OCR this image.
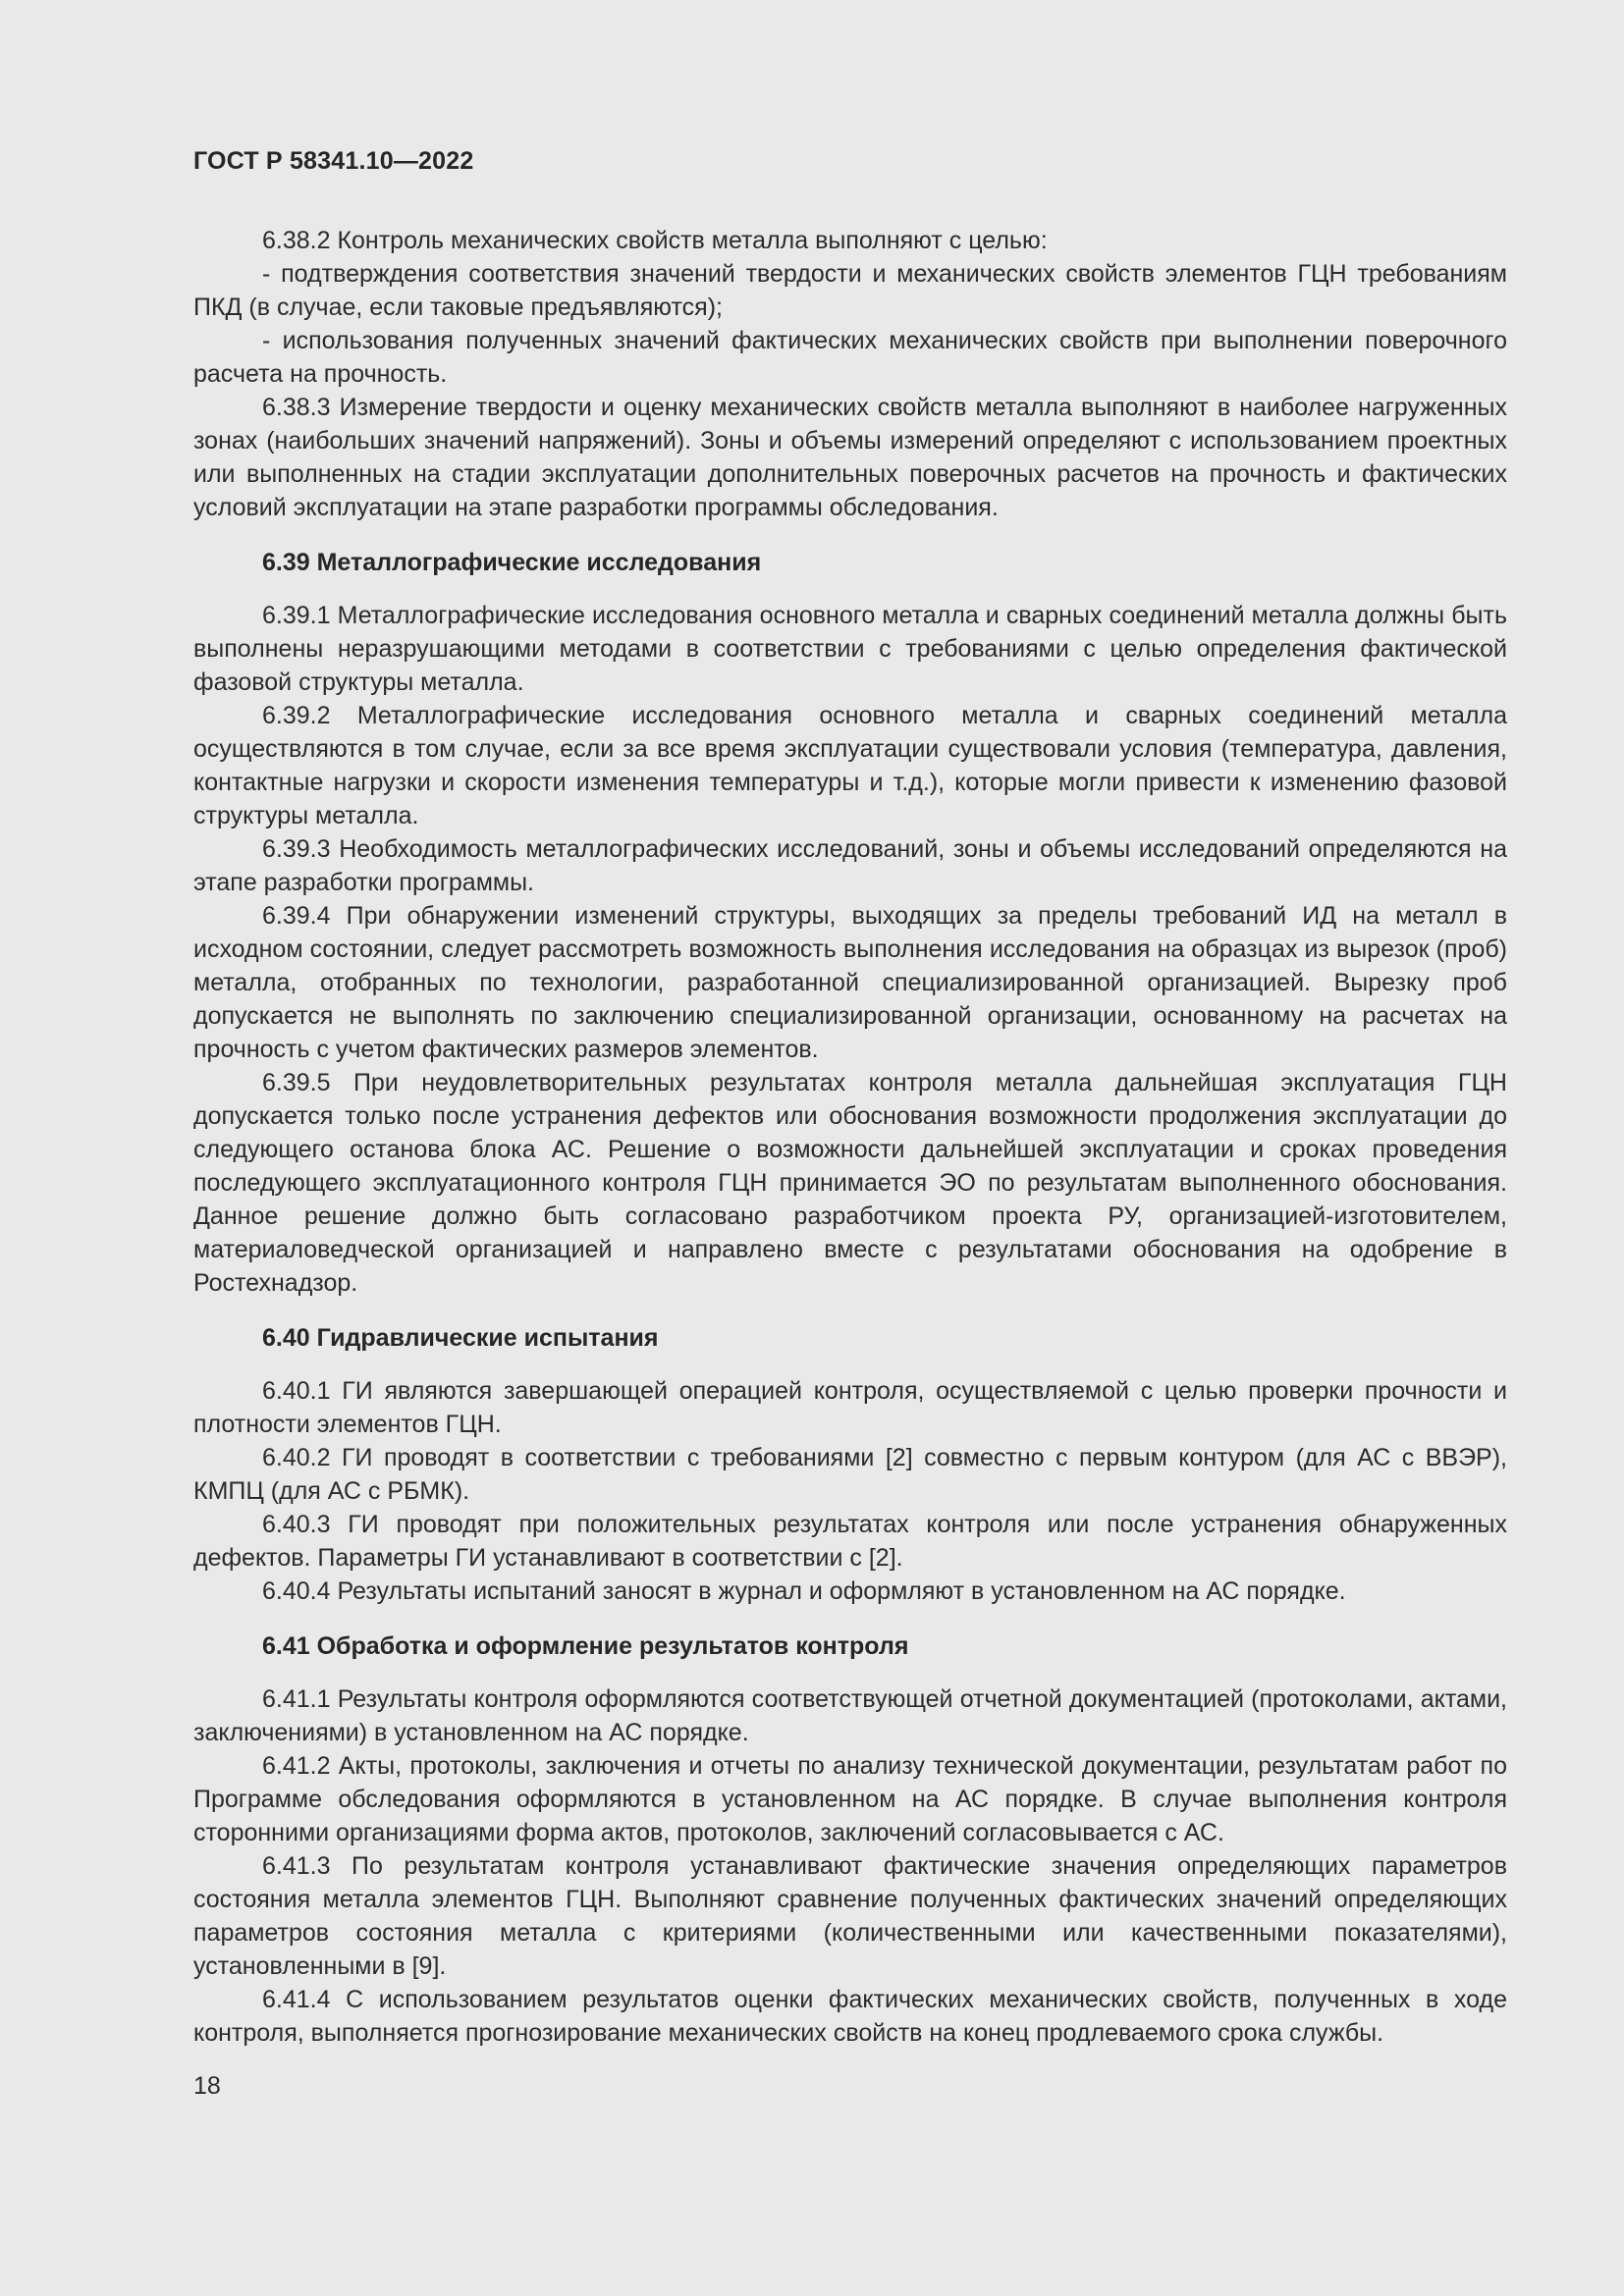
ГОСТ Р 58341.10—2022

6.38.2 Контроль механических свойств металла выполняют с целью:

- подтверждения соответствия значений твердости и механических свойств элементов ГЦН требованиям ПКД (в случае, если таковые предъявляются);

- использования полученных значений фактических механических свойств при выполнении поверочного расчета на прочность.

6.38.3 Измерение твердости и оценку механических свойств металла выполняют в наиболее нагруженных зонах (наибольших значений напряжений). Зоны и объемы измерений определяют с использованием проектных или выполненных на стадии эксплуатации дополнительных поверочных расчетов на прочность и фактических условий эксплуатации на этапе разработки программы обследования.

6.39 Металлографические исследования

6.39.1 Металлографические исследования основного металла и сварных соединений металла должны быть выполнены неразрушающими методами в соответствии с требованиями с целью определения фактической фазовой структуры металла.

6.39.2 Металлографические исследования основного металла и сварных соединений металла осуществляются в том случае, если за все время эксплуатации существовали условия (температура, давления, контактные нагрузки и скорости изменения температуры и т.д.), которые могли привести к изменению фазовой структуры металла.

6.39.3 Необходимость металлографических исследований, зоны и объемы исследований определяются на этапе разработки программы.

6.39.4 При обнаружении изменений структуры, выходящих за пределы требований ИД на металл в исходном состоянии, следует рассмотреть возможность выполнения исследования на образцах из вырезок (проб) металла, отобранных по технологии, разработанной специализированной организацией. Вырезку проб допускается не выполнять по заключению специализированной организации, основанному на расчетах на прочность с учетом фактических размеров элементов.

6.39.5 При неудовлетворительных результатах контроля металла дальнейшая эксплуатация ГЦН допускается только после устранения дефектов или обоснования возможности продолжения эксплуатации до следующего останова блока АС. Решение о возможности дальнейшей эксплуатации и сроках проведения последующего эксплуатационного контроля ГЦН принимается ЭО по результатам выполненного обоснования. Данное решение должно быть согласовано разработчиком проекта РУ, организацией-изготовителем, материаловедческой организацией и направлено вместе с результатами обоснования на одобрение в Ростехнадзор.

6.40 Гидравлические испытания

6.40.1 ГИ являются завершающей операцией контроля, осуществляемой с целью проверки прочности и плотности элементов ГЦН.

6.40.2 ГИ проводят в соответствии с требованиями [2] совместно с первым контуром (для АС с ВВЭР), КМПЦ (для АС с РБМК).

6.40.3 ГИ проводят при положительных результатах контроля или после устранения обнаруженных дефектов. Параметры ГИ устанавливают в соответствии с [2].

6.40.4 Результаты испытаний заносят в журнал и оформляют в установленном на АС порядке.

6.41 Обработка и оформление результатов контроля

6.41.1 Результаты контроля оформляются соответствующей отчетной документацией (протоколами, актами, заключениями) в установленном на АС порядке.

6.41.2 Акты, протоколы, заключения и отчеты по анализу технической документации, результатам работ по Программе обследования оформляются в установленном на АС порядке. В случае выполнения контроля сторонними организациями форма актов, протоколов, заключений согласовывается с АС.

6.41.3 По результатам контроля устанавливают фактические значения определяющих параметров состояния металла элементов ГЦН. Выполняют сравнение полученных фактических значений определяющих параметров состояния металла с критериями (количественными или качественными показателями), установленными в [9].

6.41.4 С использованием результатов оценки фактических механических свойств, полученных в ходе контроля, выполняется прогнозирование механических свойств на конец продлеваемого срока службы.

18
